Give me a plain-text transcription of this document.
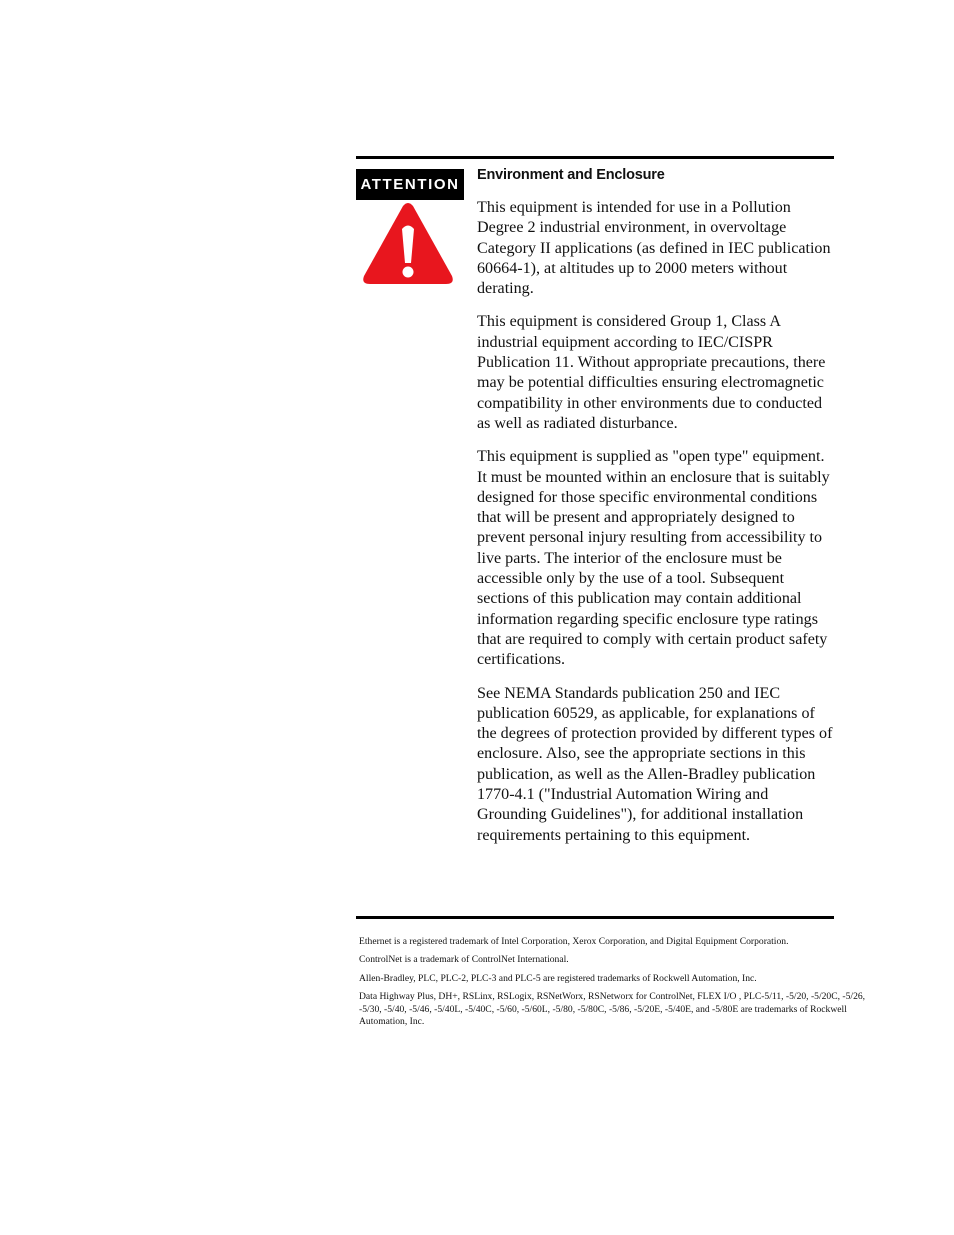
ATTENTION
Environment and Enclosure

This equipment is intended for use in a Pollution Degree 2 industrial environment, in overvoltage Category II applications (as defined in IEC publication 60664-1), at altitudes up to 2000 meters without derating.

This equipment is considered Group 1, Class A industrial equipment according to IEC/CISPR Publication 11. Without appropriate precautions, there may be potential difficulties ensuring electromagnetic compatibility in other environments due to conducted as well as radiated disturbance.

This equipment is supplied as "open type" equipment. It must be mounted within an enclosure that is suitably designed for those specific environmental conditions that will be present and appropriately designed to prevent personal injury resulting from accessibility to live parts. The interior of the enclosure must be accessible only by the use of a tool. Subsequent sections of this publication may contain additional information regarding specific enclosure type ratings that are required to comply with certain product safety certifications.

See NEMA Standards publication 250 and IEC publication 60529, as applicable, for explanations of the degrees of protection provided by different types of enclosure. Also, see the appropriate sections in this publication, as well as the Allen-Bradley publication 1770-4.1 ("Industrial Automation Wiring and Grounding Guidelines"), for additional installation requirements pertaining to this equipment.

Ethernet is a registered trademark of Intel Corporation, Xerox Corporation, and Digital Equipment Corporation.

ControlNet is a trademark of ControlNet International.

Allen-Bradley, PLC, PLC-2, PLC-3 and PLC-5 are registered trademarks of Rockwell Automation, Inc.

Data Highway Plus, DH+, RSLinx, RSLogix, RSNetWorx, RSNetworx for ControlNet, FLEX I/O , PLC-5/11, -5/20, -5/20C, -5/26, -5/30, -5/40, -5/46, -5/40L, -5/40C, -5/60, -5/60L, -5/80, -5/80C, -5/86, -5/20E, -5/40E, and -5/80E are trademarks of Rockwell Automation, Inc.
